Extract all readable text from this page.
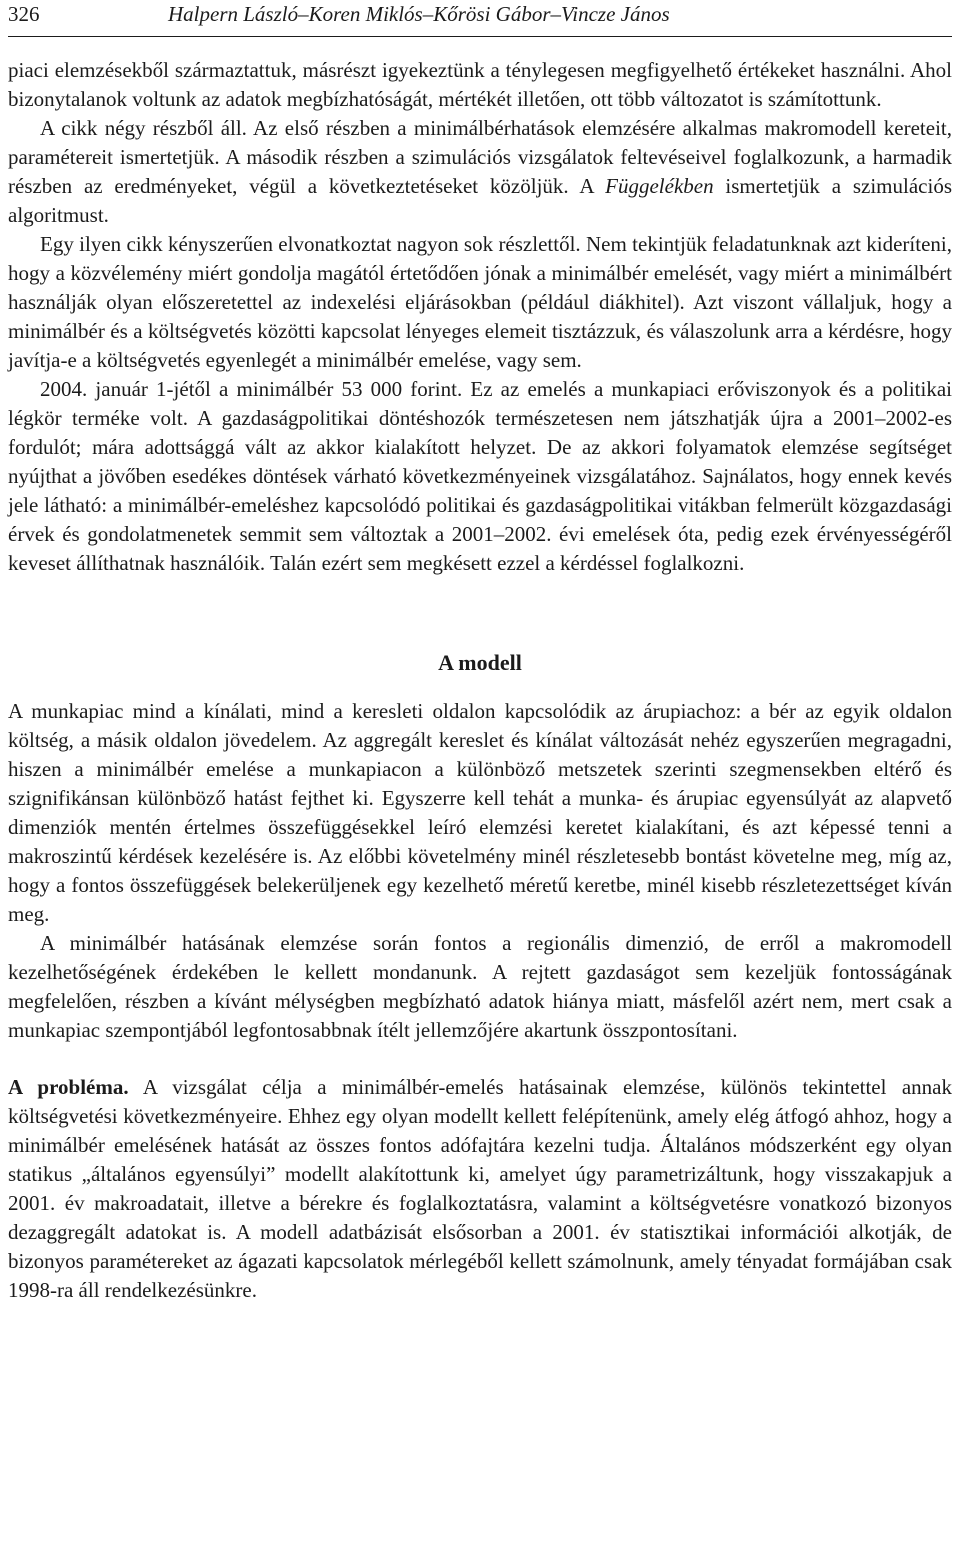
326	Halpern László–Koren Miklós–Kőrösi Gábor–Vincze János

piaci elemzésekből származtattuk, másrészt igyekeztünk a ténylegesen megfigyelhető értékeket használni. Ahol bizonytalanok voltunk az adatok megbízhatóságát, mértékét illetően, ott több változatot is számítottunk.

A cikk négy részből áll. Az első részben a minimálbérhatások elemzésére alkalmas makromodell kereteit, paramétereit ismertetjük. A második részben a szimulációs vizsgálatok feltevéseivel foglalkozunk, a harmadik részben az eredményeket, végül a következtetéseket közöljük. A Függelékben ismertetjük a szimulációs algoritmust.

Egy ilyen cikk kényszerűen elvonatkoztat nagyon sok részlettől. Nem tekintjük feladatunknak azt kideríteni, hogy a közvélemény miért gondolja magától értetődően jónak a minimálbér emelését, vagy miért a minimálbért használják olyan előszeretettel az indexelési eljárásokban (például diákhitel). Azt viszont vállaljuk, hogy a minimálbér és a költségvetés közötti kapcsolat lényeges elemeit tisztázzuk, és válaszolunk arra a kérdésre, hogy javítja-e a költségvetés egyenlegét a minimálbér emelése, vagy sem.

2004. január 1-jétől a minimálbér 53 000 forint. Ez az emelés a munkapiaci erőviszonyok és a politikai légkör terméke volt. A gazdaságpolitikai döntéshozók természetesen nem játszhatják újra a 2001–2002-es fordulót; mára adottsággá vált az akkor kialakított helyzet. De az akkori folyamatok elemzése segítséget nyújthat a jövőben esedékes döntések várható következményeinek vizsgálatához. Sajnálatos, hogy ennek kevés jele látható: a minimálbér-emeléshez kapcsolódó politikai és gazdaságpolitikai vitákban felmerült közgazdasági érvek és gondolatmenetek semmit sem változtak a 2001–2002. évi emelések óta, pedig ezek érvényességéről keveset állíthatnak használóik. Talán ezért sem megkésett ezzel a kérdéssel foglalkozni.

A modell

A munkapiac mind a kínálati, mind a keresleti oldalon kapcsolódik az árupiachoz: a bér az egyik oldalon költség, a másik oldalon jövedelem. Az aggregált kereslet és kínálat változását nehéz egyszerűen megragadni, hiszen a minimálbér emelése a munkapiacon a különböző metszetek szerinti szegmensekben eltérő és szignifikánsan különböző hatást fejthet ki. Egyszerre kell tehát a munka- és árupiac egyensúlyát az alapvető dimenziók mentén értelmes összefüggésekkel leíró elemzési keretet kialakítani, és azt képessé tenni a makroszintű kérdések kezelésére is. Az előbbi követelmény minél részletesebb bontást követelne meg, míg az, hogy a fontos összefüggések belekerüljenek egy kezelhető méretű keretbe, minél kisebb részletezettséget kíván meg.

A minimálbér hatásának elemzése során fontos a regionális dimenzió, de erről a makromodell kezelhetőségének érdekében le kellett mondanunk. A rejtett gazdaságot sem kezeljük fontosságának megfelelően, részben a kívánt mélységben megbízható adatok hiánya miatt, másfelől azért nem, mert csak a munkapiac szempontjából legfontosabbnak ítélt jellemzőjére akartunk összpontosítani.

A probléma. A vizsgálat célja a minimálbér-emelés hatásainak elemzése, különös tekintettel annak költségvetési következményeire. Ehhez egy olyan modellt kellett felépítenünk, amely elég átfogó ahhoz, hogy a minimálbér emelésének hatását az összes fontos adófajtára kezelni tudja. Általános módszerként egy olyan statikus „általános egyensúlyi” modellt alakítottunk ki, amelyet úgy parametrizáltunk, hogy visszakapjuk a 2001. év makroadatait, illetve a bérekre és foglalkoztatásra, valamint a költségvetésre vonatkozó bizonyos dezaggregált adatokat is. A modell adatbázisát elsősorban a 2001. év statisztikai információi alkotják, de bizonyos paramétereket az ágazati kapcsolatok mérlegéből kellett számolnunk, amely tényadat formájában csak 1998-ra áll rendelkezésünkre.
